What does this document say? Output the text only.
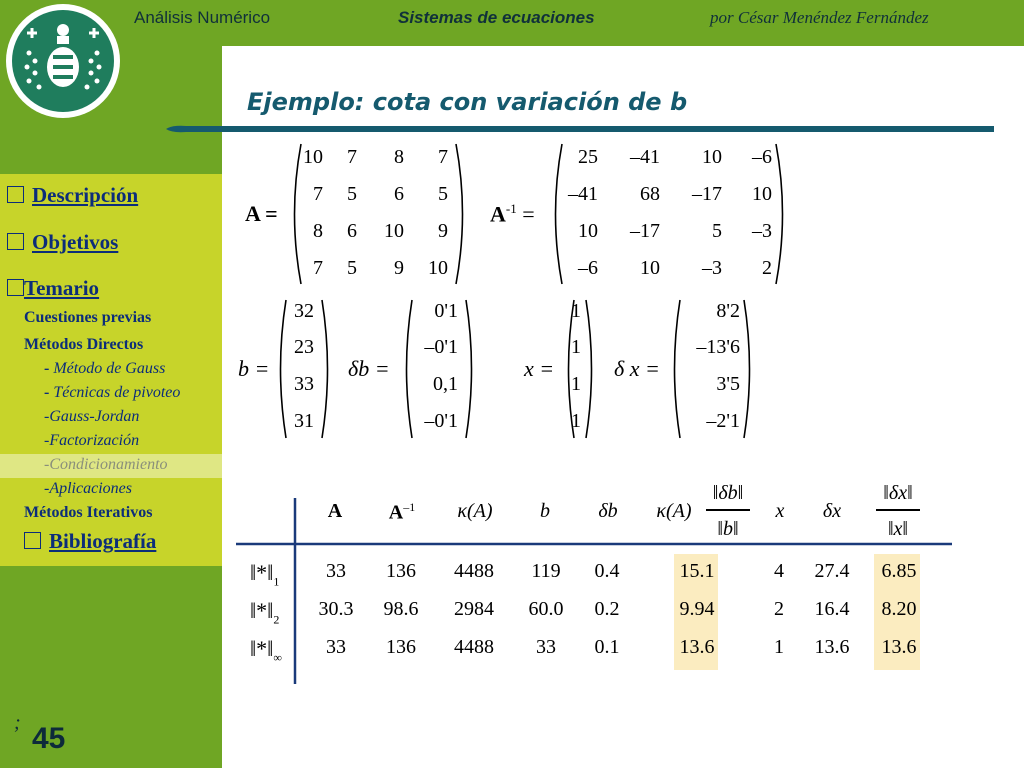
Análisis Numérico	Sistemas de ecuaciones	por César Menéndez Fernández
Ejemplo: cota con variación de b
Descripción
Objetivos
Temario
Cuestiones previas
Métodos Directos
- Método de Gauss
- Técnicas de pivoteo
-Gauss-Jordan
-Factorización
-Condicionamiento
-Aplicaciones
Métodos Iterativos
Bibliografía
; 45
A =
10	7	8	7
7	5	6	5
8	6	10	9
7	5	9	10
$A^{-1}$ =
25	–41	10	–6
–41	68	–17	10
10	–17	5	–3
–6	10	–3	2
b =
32
23
33
31
δb =
0'1
–0'1
0,1
–0'1
x =
1
1
1
1
δ x =
8'2
–13'6
3'5
–2'1
A	$A^{-1}$	κ(A)	b	δb	κ(A)
‖δb‖
‖b‖
x	δx
‖δx‖
‖x‖
$‖*‖_1$
$‖*‖_2$
$‖*‖_\infty$
33	136	4488	119	0.4	15.1	4	27.4	6.85
30.3	98.6	2984	60.0	0.2	9.94	2	16.4	8.20
33	136	4488	33	0.1	13.6	1	13.6	13.6
